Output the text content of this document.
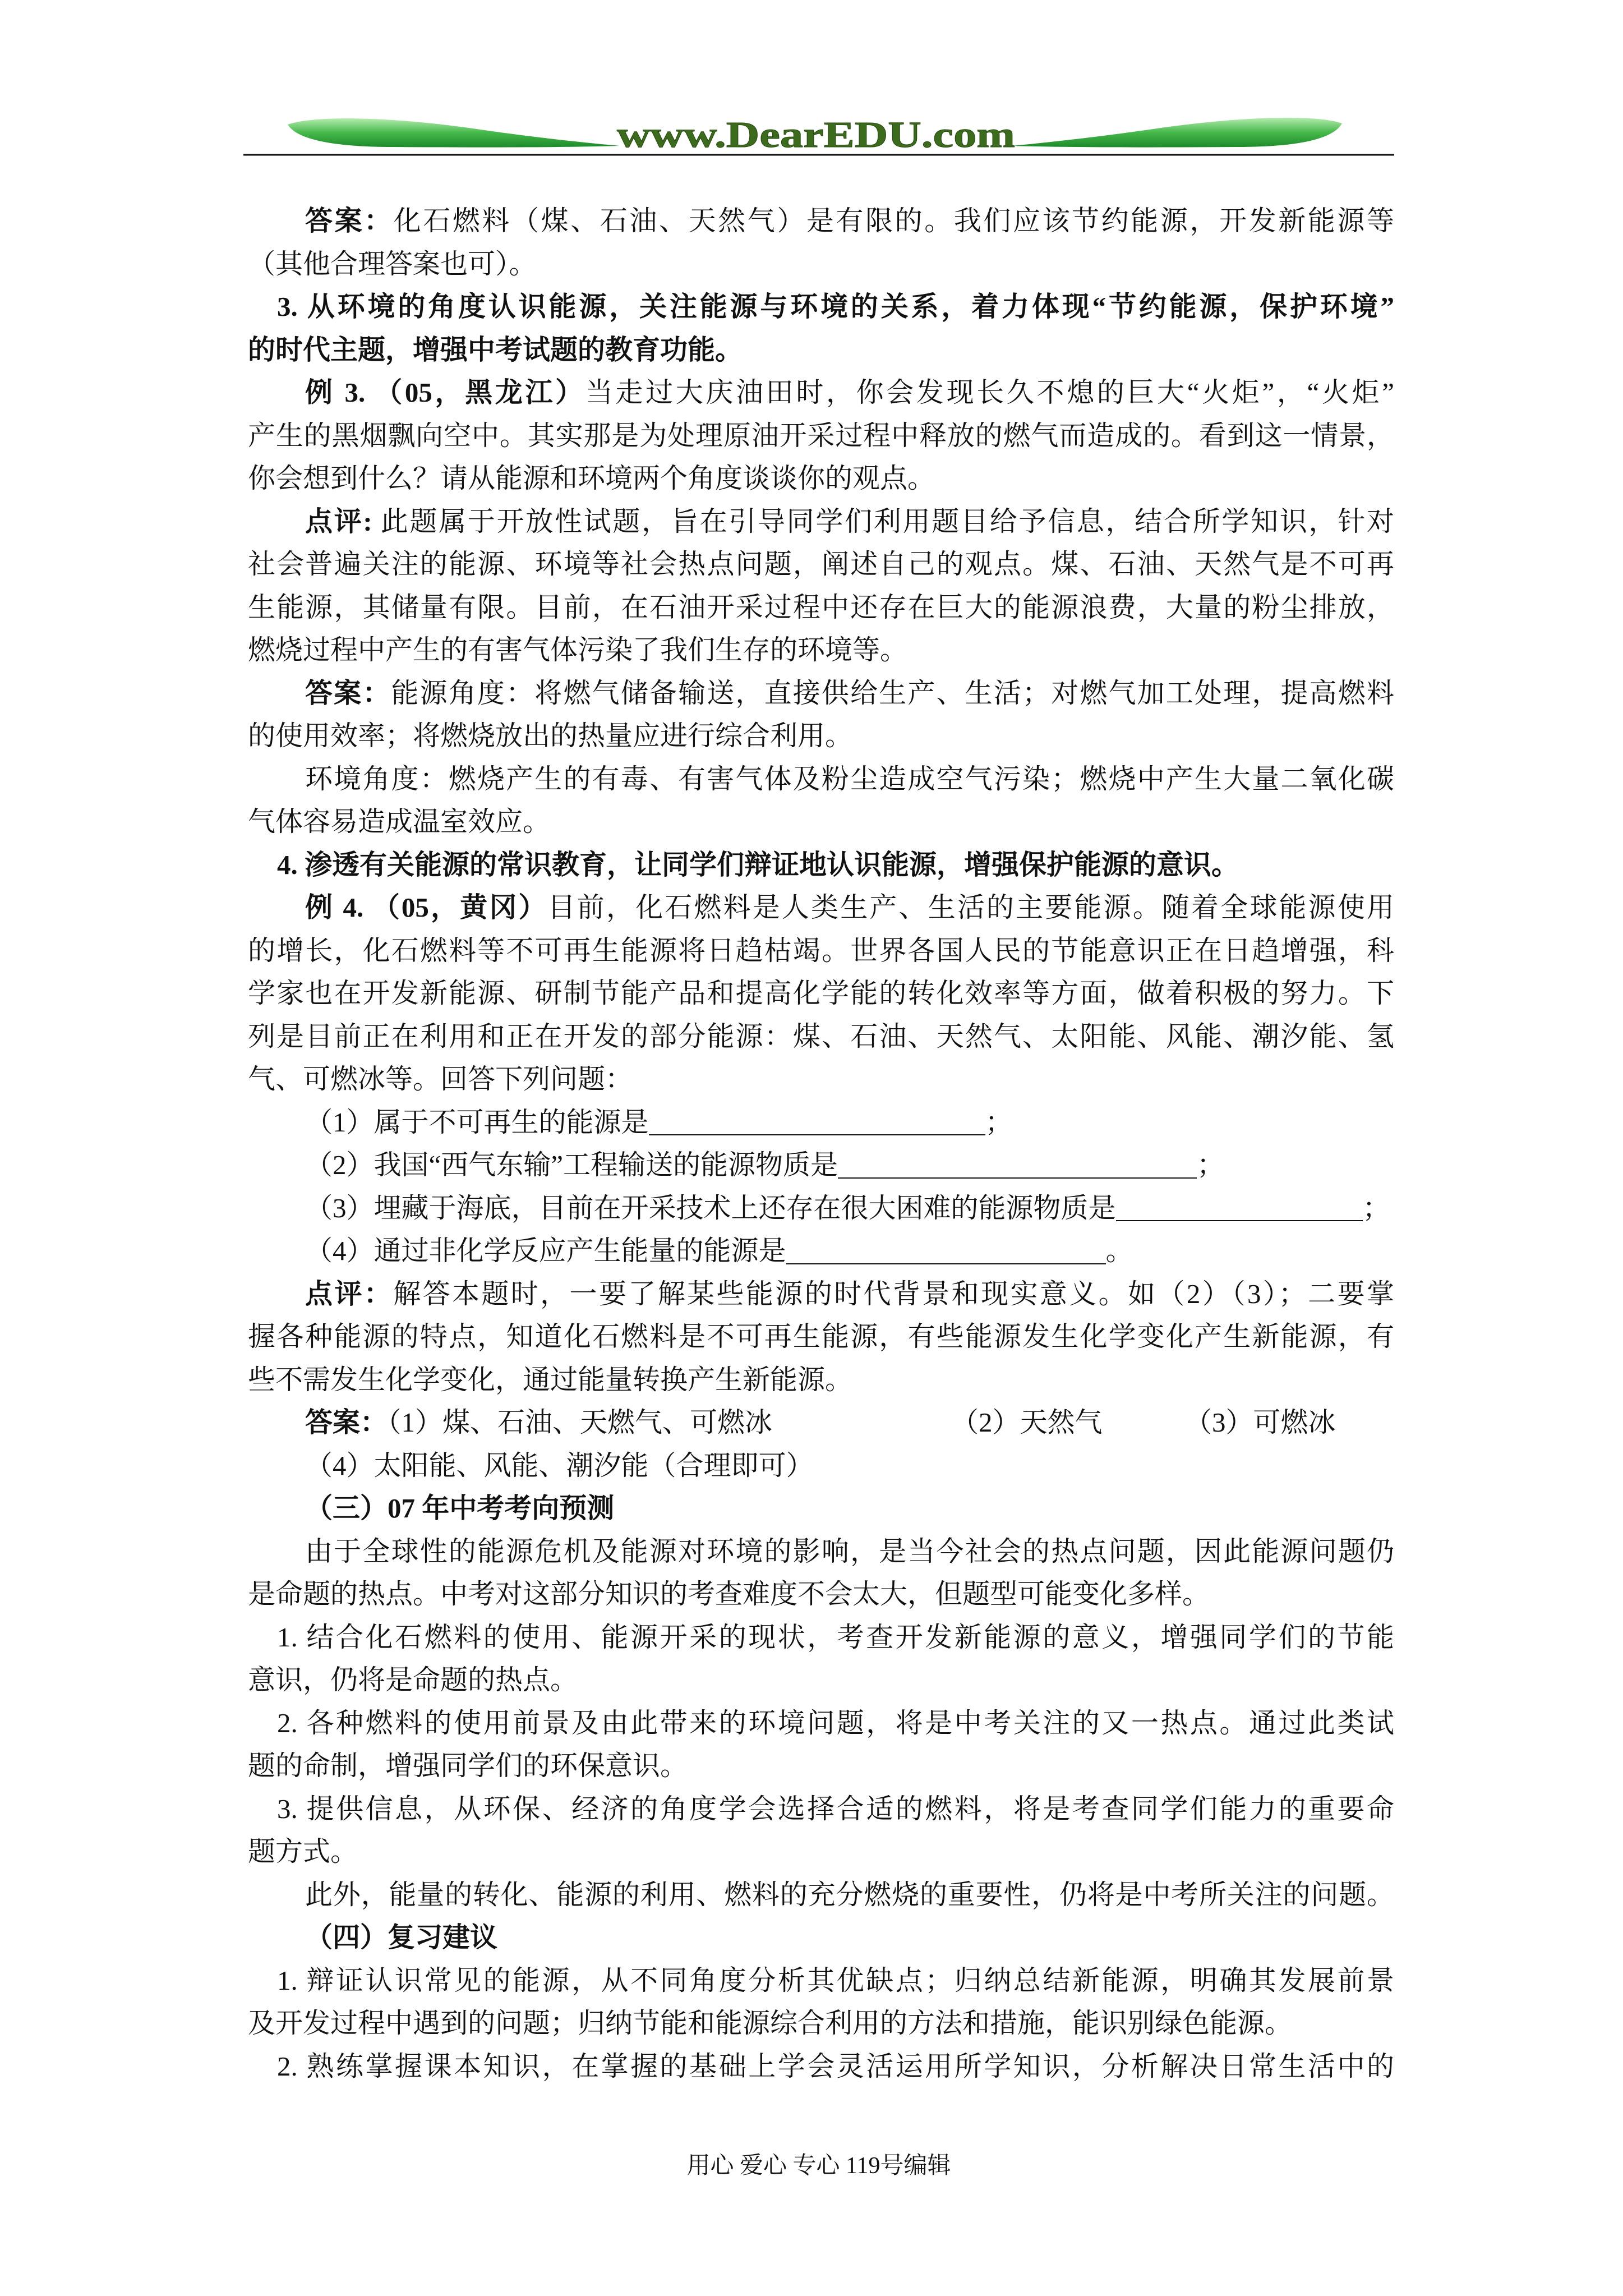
www.DearEDU.com
答案：化石燃料（煤、石油、天然气）是有限的。我们应该节约能源，开发新能源等
（其他合理答案也可）。
3. 从环境的角度认识能源，关注能源与环境的关系，着力体现“节约能源，保护环境”
的时代主题，增强中考试题的教育功能。
例 3. （05，黑龙江）当走过大庆油田时，你会发现长久不熄的巨大“火炬”，“火炬”
产生的黑烟飘向空中。其实那是为处理原油开采过程中释放的燃气而造成的。看到这一情景，
你会想到什么？请从能源和环境两个角度谈谈你的观点。
点评: 此题属于开放性试题，旨在引导同学们利用题目给予信息，结合所学知识，针对
社会普遍关注的能源、环境等社会热点问题，阐述自己的观点。煤、石油、天然气是不可再
生能源，其储量有限。目前，在石油开采过程中还存在巨大的能源浪费，大量的粉尘排放，
燃烧过程中产生的有害气体污染了我们生存的环境等。
答案：能源角度：将燃气储备输送，直接供给生产、生活；对燃气加工处理，提高燃料
的使用效率；将燃烧放出的热量应进行综合利用。
环境角度：燃烧产生的有毒、有害气体及粉尘造成空气污染；燃烧中产生大量二氧化碳
气体容易造成温室效应。
4. 渗透有关能源的常识教育，让同学们辩证地认识能源，增强保护能源的意识。
例 4. （05，黄冈）目前，化石燃料是人类生产、生活的主要能源。随着全球能源使用
的增长，化石燃料等不可再生能源将日趋枯竭。世界各国人民的节能意识正在日趋增强，科
学家也在开发新能源、研制节能产品和提高化学能的转化效率等方面，做着积极的努力。下
列是目前正在利用和正在开发的部分能源：煤、石油、天然气、太阳能、风能、潮汐能、氢
气、可燃冰等。回答下列问题：
（1）属于不可再生的能源是	；
（2）我国“西气东输”工程输送的能源物质是	；
（3）埋藏于海底，目前在开采技术上还存在很大困难的能源物质是	；
（4）通过非化学反应产生能量的能源是	。
点评：解答本题时，一要了解某些能源的时代背景和现实意义。如（2）（3）；二要掌
握各种能源的特点，知道化石燃料是不可再生能源，有些能源发生化学变化产生新能源，有
些不需发生化学变化，通过能量转换产生新能源。
答案：（1）煤、石油、天燃气、可燃冰	（2）天然气	（3）可燃冰
（4）太阳能、风能、潮汐能（合理即可）
（三）07 年中考考向预测
由于全球性的能源危机及能源对环境的影响，是当今社会的热点问题，因此能源问题仍
是命题的热点。中考对这部分知识的考查难度不会太大，但题型可能变化多样。
1. 结合化石燃料的使用、能源开采的现状，考查开发新能源的意义，增强同学们的节能
意识，仍将是命题的热点。
2. 各种燃料的使用前景及由此带来的环境问题，将是中考关注的又一热点。通过此类试
题的命制，增强同学们的环保意识。
3. 提供信息，从环保、经济的角度学会选择合适的燃料，将是考查同学们能力的重要命
题方式。
此外，能量的转化、能源的利用、燃料的充分燃烧的重要性，仍将是中考所关注的问题。
（四）复习建议
1. 辩证认识常见的能源，从不同角度分析其优缺点；归纳总结新能源，明确其发展前景
及开发过程中遇到的问题；归纳节能和能源综合利用的方法和措施，能识别绿色能源。
2. 熟练掌握课本知识，在掌握的基础上学会灵活运用所学知识，分析解决日常生活中的
用心 爱心 专心 119号编辑
